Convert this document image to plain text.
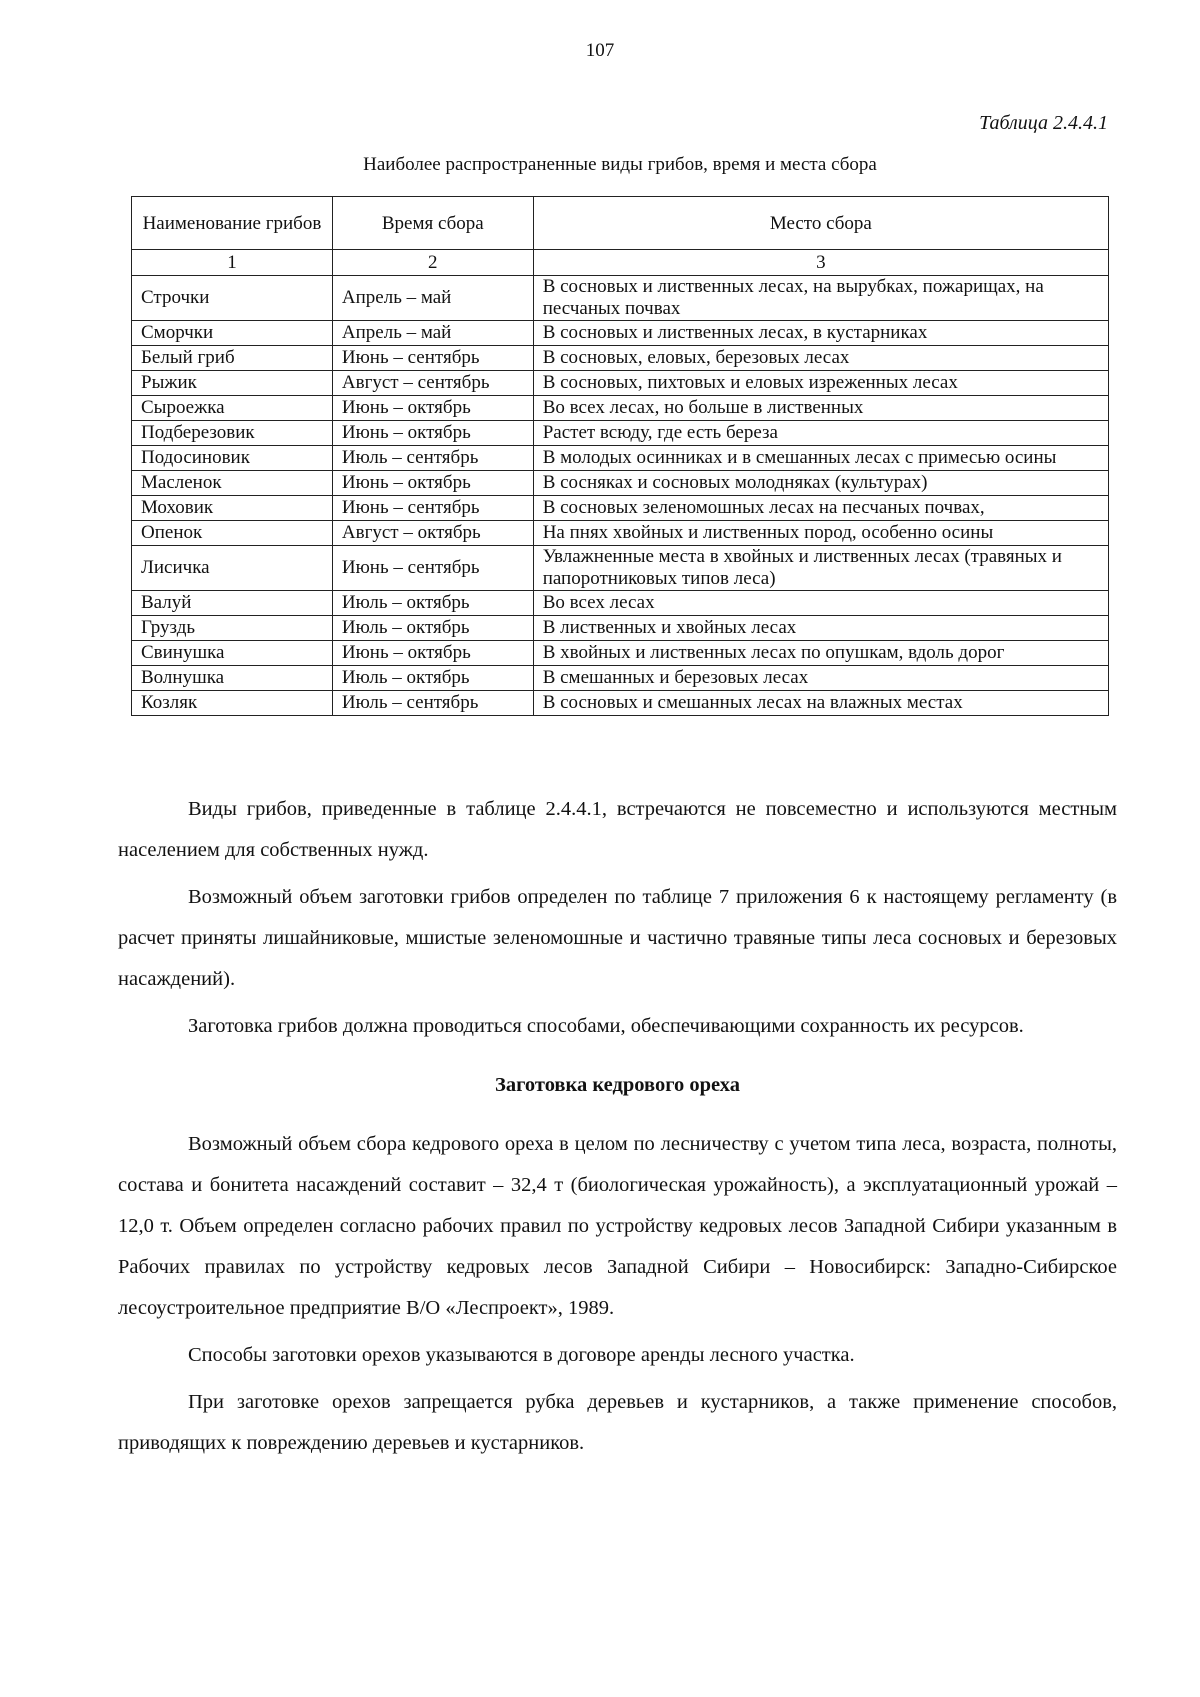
107
Таблица 2.4.4.1
Наиболее распространенные виды грибов, время и места сбора
Наименование грибов	Время сбора	Место сбора
1	2	3
Строчки	Апрель – май	В сосновых и лиственных лесах, на вырубках, пожарищах, на песчаных почвах
Сморчки	Апрель – май	В сосновых и лиственных лесах, в кустарниках
Белый гриб	Июнь – сентябрь	В сосновых, еловых, березовых лесах
Рыжик	Август – сентябрь	В сосновых, пихтовых и еловых изреженных лесах
Сыроежка	Июнь – октябрь	Во всех лесах, но больше в лиственных
Подберезовик	Июнь – октябрь	Растет всюду, где есть береза
Подосиновик	Июль – сентябрь	В молодых осинниках и в смешанных лесах с примесью осины
Масленок	Июнь – октябрь	В сосняках и сосновых молодняках (культурах)
Моховик	Июнь – сентябрь	В сосновых зеленомошных лесах на песчаных почвах,
Опенок	Август – октябрь	На пнях хвойных и лиственных пород, особенно осины
Лисичка	Июнь – сентябрь	Увлажненные места в хвойных и лиственных лесах (травяных и папоротниковых типов леса)
Валуй	Июль – октябрь	Во всех лесах
Груздь	Июль – октябрь	В лиственных и хвойных лесах
Свинушка	Июнь – октябрь	В хвойных и лиственных лесах по опушкам, вдоль дорог
Волнушка	Июль – октябрь	В смешанных и березовых лесах
Козляк	Июль – сентябрь	В сосновых и смешанных лесах на влажных местах

Виды грибов, приведенные в таблице 2.4.4.1, встречаются не повсеместно и используются местным населением для собственных нужд.

Возможный объем заготовки грибов определен по таблице 7 приложения 6 к настоящему регламенту (в расчет приняты лишайниковые, мшистые зеленомошные и частично травяные типы леса сосновых и березовых насаждений).

Заготовка грибов должна проводиться способами, обеспечивающими сохранность их ресурсов.

Заготовка кедрового ореха

Возможный объем сбора кедрового ореха в целом по лесничеству с учетом типа леса, возраста, полноты, состава и бонитета насаждений составит – 32,4 т (биологическая урожайность), а эксплуатационный урожай – 12,0 т. Объем определен согласно рабочих правил по устройству кедровых лесов Западной Сибири указанным в Рабочих правилах по устройству кедровых лесов Западной Сибири – Новосибирск: Западно-Сибирское лесоустроительное предприятие В/О «Леспроект», 1989.

Способы заготовки орехов указываются в договоре аренды лесного участка.

При заготовке орехов запрещается рубка деревьев и кустарников, а также применение способов, приводящих к повреждению деревьев и кустарников.
